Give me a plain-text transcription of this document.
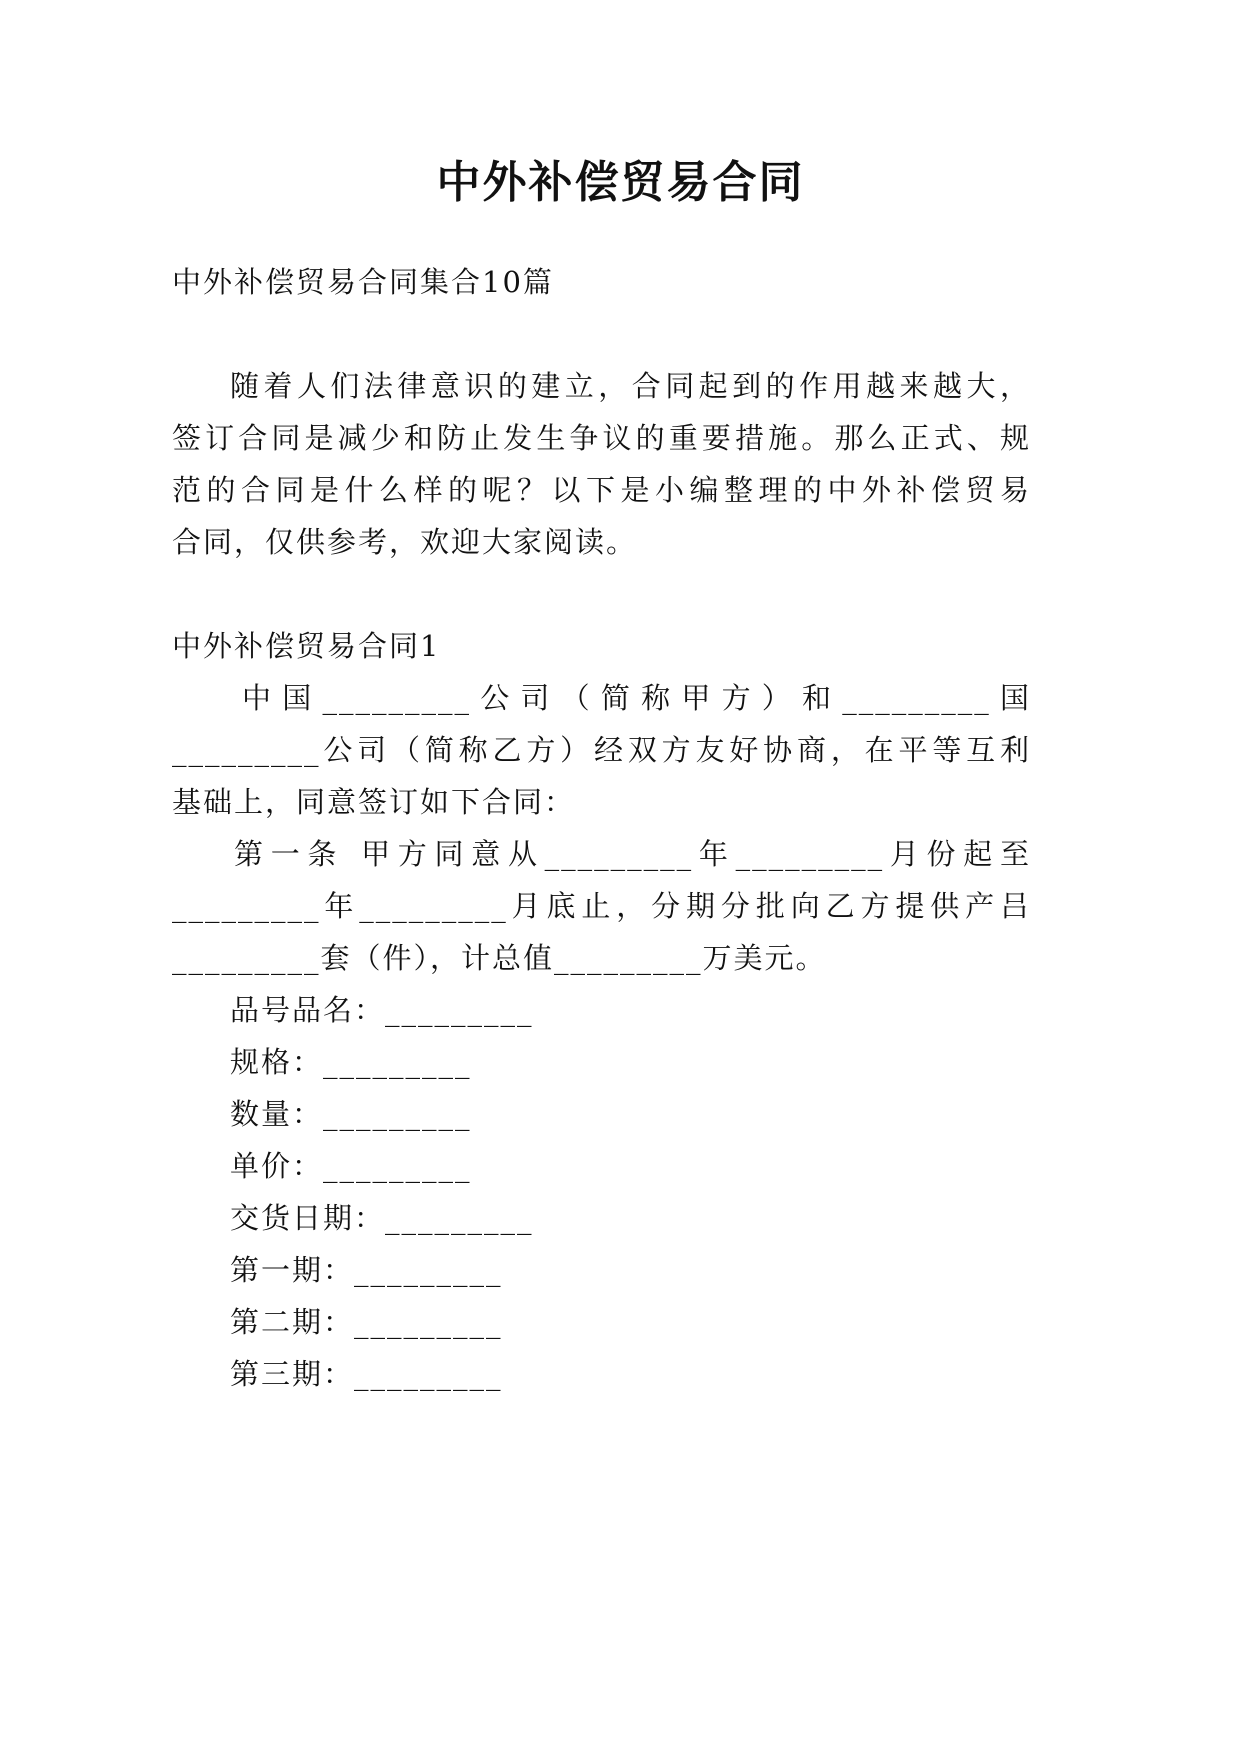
中外补偿贸易合同
中外补偿贸易合同集合10篇
随着人们法律意识的建立，合同起到的作用越来越大，
签订合同是减少和防止发生争议的重要措施。那么正式、规
范的合同是什么样的呢？以下是小编整理的中外补偿贸易
合同，仅供参考，欢迎大家阅读。
中外补偿贸易合同1
中国_________公司（简称甲方）和_________国
_________公司（简称乙方）经双方友好协商，在平等互利
基础上，同意签订如下合同：
第一条 甲方同意从_________年_________月份起至
_________年_________月底止，分期分批向乙方提供产吕
_________套（件），计总值_________万美元。
品号品名：_________
规格：_________
数量：_________
单价：_________
交货日期：_________
第一期：_________
第二期：_________
第三期：_________
